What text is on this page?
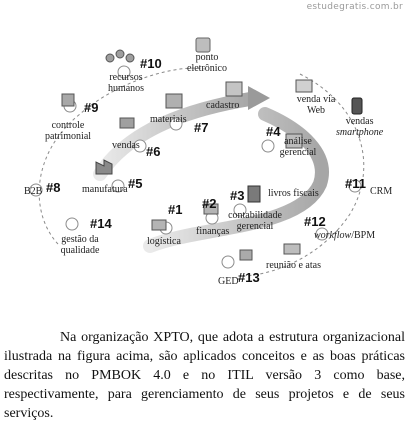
estudegratis.com.br
#1
logística
#2
finanças
#3
contabilidade gerencial
#4
análise gerencial
#5
manufatura
#6
vendas
#7
materiais
#8
B2B
#9
controle patrimonial
#10
recursos humanos
#11
CRM
#12
workflow/BPM
#13
GED
#14
gestão da qualidade
ponto eletrônico
cadastro
livros fiscais
venda via Web
vendas
smartphone
reunião e atas

Na organização XPTO, que adota a estrutura organizacional ilustrada na figura acima, são aplicados conceitos e as boas práticas descritas no PMBOK 4.0 e no ITIL versão 3 como base, respectivamente, para gerenciamento de seus projetos e de seus serviços.
